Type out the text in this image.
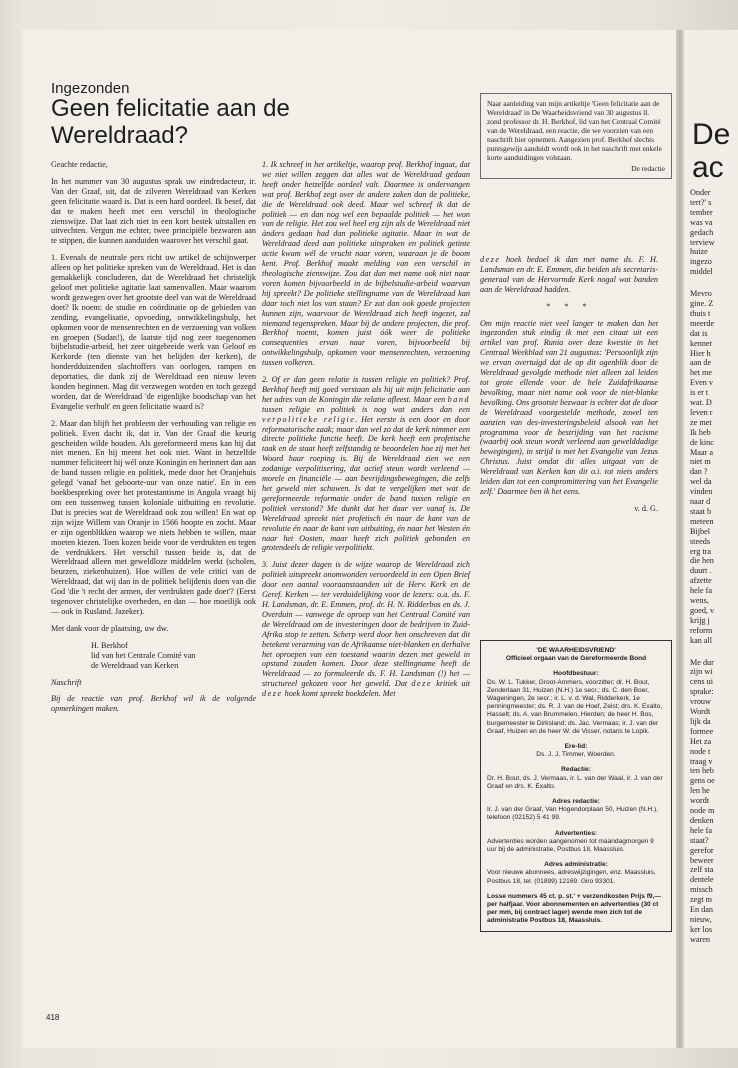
De
ac
Onder
tert?' s
tember
was va
gedach
terview
huize
ingezo
middel
Mevro
gine. Z
thuis t
meerde
dat is
kenner
Hier h
aan de
het me
Even v
is er t
wat. D
leven r
ze met
Ik heb
de kinc
Maar a
niet m
dan ?
wel da
vinden
naar d
staat b
meteen
Bijbel
steeds
erg tra
die hen
duurt .
afzette
hele fa
wens,
goed, v
krijg j
reform
kan all
Me dur
zijn wi
cens ui
sprake:
vrouw
Wordt
lijk da
formee
Het za
node t
traag v
ten heb
gens oe
len he
wordt
node m
denken
hele fa
staat?
gerefor
beweer
zelf sta
dentele
missch
zegt m
En dan
nieuw,
ker los
waren
Ingezonden
Geen felicitatie aan de Wereldraad?
Naar aanleiding van mijn artikeltje 'Geen felicitatie aan de Wereldraad' in De Waarheidsvriend van 30 augustus ll. zond professor dr. H. Berkhof, lid van het Centraal Comité van de Wereldraad, een reactie, die we voorzien van een naschrift hier opnemen. Aangezien prof. Berkhof slechts puntsgewijs aanduidt wordt ook in het naschrift met enkele korte aanduidingen volstaan.
De redactie

Geachte redactie,

In het nummer van 30 augustus sprak uw eindredacteur, ir. Van der Graaf, uit, dat de zilveren Wereldraad van Kerken geen felicitatie waard is. Dat is een hard oordeel. Ik besef, dat dat te maken heeft met een verschil in theologische zienswijze. Dat laat zich niet in een kort bestek uitstallen en uitvechten. Vergun me echter, twee principiële bezwaren aan te stippen, die kunnen aanduiden waarover het verschil gaat.

1. Evenals de neutrale pers richt uw artikel de schijnwerper alleen op het politieke spreken van de Wereldraad. Het is dan gemakkelijk concluderen, dat de Wereldraad het christelijk geloof met politieke agitatie laat samenvallen. Maar waarom wordt gezwegen over het grootste deel van wat de Wereldraad doet? Ik noem: de studie en coördinatie op de gebieden van zending, evangelisatie, opvoeding, ontwikkelingshulp, het opkomen voor de mensenrechten en de verzoening van volken en groepen (Sudan!), de laatste tijd nog zeer toegenomen bijbelstudie-arbeid, het zeer uitgebreide werk van Geloof en Kerkorde (ten dienste van het belijden der kerken), de honderdduizenden slachtoffers van oorlogen, rampen en deportaties, die dank zij de Wereldraad een nieuw leven konden beginnen. Mag dit verzwegen worden en toch gezegd worden, dat de Wereldraad 'de eigenlijke boodschap van het Evangelie verhult' en geen felicitatie waard is?

2. Maar dan blijft het probleem der verhouding van religie en politiek. Even dacht ik, dat ir. Van der Graaf die keurig gescheiden wilde houden. Als gereformeerd mens kan hij dat niet menen. En hij meent het ook niet. Want in hetzelfde nummer feliciteert hij wél onze Koningin en herinnert dan aan de band tussen religie en politiek, mede door het Oranjehuis gelegd 'vanaf het geboorte-uur van onze natie'. En in een boekbespreking over het protestantisme in Angola vraagt hij om een tussenweg tussen koloniale uitbuiting en revolutie. Dat is precies wat de Wereldraad ook zou willen! En wat op zijn wijze Willem van Oranje in 1566 hoopte en zocht. Maar er zijn ogenblikken waarop we niets hebben te willen, maar moeten kiezen. Toen kozen beide voor de verdrukten en tegen de verdrukkers. Het verschil tussen beide is, dat de Wereldraad alleen met geweldloze middelen werkt (scholen, beurzen, ziekenhuizen). Hoe willen de vele critici van de Wereldraad, dat wij dan in de politiek belijdenis doen van die God 'die 't recht der armen, der verdrukten gade doet'? (Eerst tegenover christelijke overheden, en dan — hoe moeilijk ook — ook in Rusland. Jazeker).

Met dank voor de plaatsing, uw dw.

H. Berkhof

lid van het Centrale Comité van

de Wereldraad van Kerken

Naschrift

Bij de reactie van prof. Berkhof wil ik de volgende opmerkingen maken.

1. Ik schreef in het artikeltje, waarop prof. Berkhof ingaat, dat we niet willen zeggen dat alles wat de Wereldraad gedaan heeft onder hetzelfde oordeel valt. Daarmee is ondervangen wat prof. Berkhof zegt over de andere zaken dan de politieke, die de Wereldraad ook deed. Maar wel schreef ik dat de politiek — en dan nog wel een bepaalde politiek — het won van de religie. Het zou wel heel erg zijn als de Wereldraad niet ánders gedaan had dan politieke agitatie. Maar in wat de Wereldraad deed aan politieke uitspraken en politiek getinte actie kwam wél de vrucht naar voren, waaraan je de boom kent. Prof. Berkhof maakt melding van een verschil in theologische zienswijze. Zou dat dan met name ook niet naar voren komen bijvoorbeeld in de bijbelstudie-arbeid waarvan hij spreekt? De politieke stellingname van de Wereldraad kan daar toch niet los van staan? Er zat dan ook goede projecten kunnen zijn, waarvoor de Wereldraad zich heeft ingezet, zal niemand tegenspreken. Maar bij de andere projecten, die prof. Berkhof noemt, komen juist óók weer de politieke consequenties ervan naar voren, bijvoorbeeld bij ontwikkelingshulp, opkomen voor mensenrechten, verzoening tussen volkeren.

2. Of er dan geen relatie is tussen religie en politiek? Prof. Berkhof heeft mij goed verstaan als hij uit mijn felicitatie aan het adres van de Koningin die relatie afleest. Maar een band tussen religie en politiek is nog wat anders dan een verpolitieke religie. Het eerste is een door en door reformatorische zaak; maar dan wel zo dat de kerk nimmer een directe politieke functie heeft. De kerk heeft een profetische taak en de staat heeft zelfstandig te beoordelen hoe zij met het Woord haar roeping is. Bij de Wereldraad zien we een zodanige verpolitisering, dat actief steun wordt verleend — morele en financiële — aan bevrijdingsbewegingen, die zelfs het geweld niet schuwen. Is dat te vergelijken met wat de gereformeerde reformatie onder de band tussen religie en politiek verstond? Me dunkt dat het daar ver vanaf is. De Wereldraad spreekt niet profetisch én naar de kant van de revolutie én naar de kant van uitbuiting, én naar het Westen én naar het Oosten, maar heeft zich politiek gebonden en grotendeels de religie verpolitiekt.

3. Juist dezer dagen is de wijze waarop de Wereldraad zich politiek uitspreekt onomwonden veroordeeld in een Open Brief door een aantal vooraanstaanden uit de Herv. Kerk en de Geref. Kerken — ter verduidelijking voor de lezers: o.a. ds. F. H. Landsman, dr. E. Emmen, prof. dr. H. N. Ridderbos en ds. J. Overduin — vanwege de oproep van het Centraal Comité van de Wereldraad om de investeringen door de bedrijven in Zuid-Afrika stop te zetten. Scherp werd door hen onschreven dat dit betekent verarming van de Afrikaanse niet-blanken en derhalve het oproepen van een toestand waarin dezen met geweld in opstand zouden komen. Door deze stellingname heeft de Wereldraad — zo formuleerde ds. F. H. Landsman (!) het — structureel gekozen voor het geweld. Dat deze kritiek uit deze hoek komt spreekt boekdelen. Met

deze hoek bedoel ik dan met name ds. F. H. Landsman en dr. E. Emmen, die beiden als secretaris-generaal van de Hervormde Kerk nogal wat banden aan de Wereldraad hadden.

* * *

Om mijn reactie niet veel langer te maken dan het ingezonden stuk eindig ik met een citaat uit een artikel van prof. Runia over deze kwestie in het Centraal Weekblad van 21 augustus: 'Persoonlijk zijn we ervan overtuigd dat de op dit ogenblik door de Wereldraad gevolgde methode niet alleen zal leiden tot grote ellende voor de hele Zuidafrikaanse bevolking, maar niet name ook voor de niet-blanke bevolking. Ons grootste bezwaar is echter dat de door de Wereldraad voorgestelde methode, zowel ten aanzien van des-investeringsbeleid alsook van het programma voor de bestrijding van het racisme (waarbij ook steun wordt verleend aan gewelddadige bewegingen), in strijd is met het Evangelie van Jezus Christus. Juist omdat dit alles uitgaat van de Wereldraad van Kerken kan dit o.i. tot niets anders leiden dan tot een compromittering van het Evangelie zelf.' Daarmee ben ik het eens.

v. d. G.

'DE WAARHEIDSVRIEND'
Officieel orgaan van de Gereformeerde Bond
Hoofdbestuur:
Ds. W. L. Tukker, Groot-Ammers, voorzitter; dr. H. Bout, Zenderlaan 31, Huizen (N.H.) 1e secr.; ds. C. den Boer, Wageningen, 2e secr.; ir. L. v. d. Wal, Ridderkerk, 1e penningmeester; ds. R. J. van de Hoef, Zeist; drs. K. Exalto, Hasselt; ds. A. van Brummelen, Hierden; de heer H. Bos, burgemeester te Dirksland; ds. Jac. Vermaas; ir. J. van der Graaf, Huizen en de heer W. de Visser, notaris te Lopik.
Ere-lid:
Ds. J. J. Timmer, Woerden.
Redactie:
Dr. H. Bout, ds. J. Vermaas, ir. L. van der Waal, ir. J. van der Graaf en drs. K. Exalto.
Adres redactie:
Ir. J. van der Graaf, Van Hogendorplaan 50, Huizen (N.H.), telefoon (02152) 5 41 99.
Advertenties:
Advertenties worden aangenomen tot maandagmorgen 9 uur bij de administratie, Postbus 18, Maassluis.
Adres administratie:
Voor nieuwe abonnees, adreswijzigingen, enz. Maassluis, Postbus 18, tel. (01899) 12169. Giro 93301.
Losse nummers 45 ct. p. st.' + verzendkosten Prijs f9,— per halfjaar. Voor abonnementen en advertenties (30 ct per mm, bij contract lager) wende men zich tot de administratie Postbus 18, Maassluis.
418
